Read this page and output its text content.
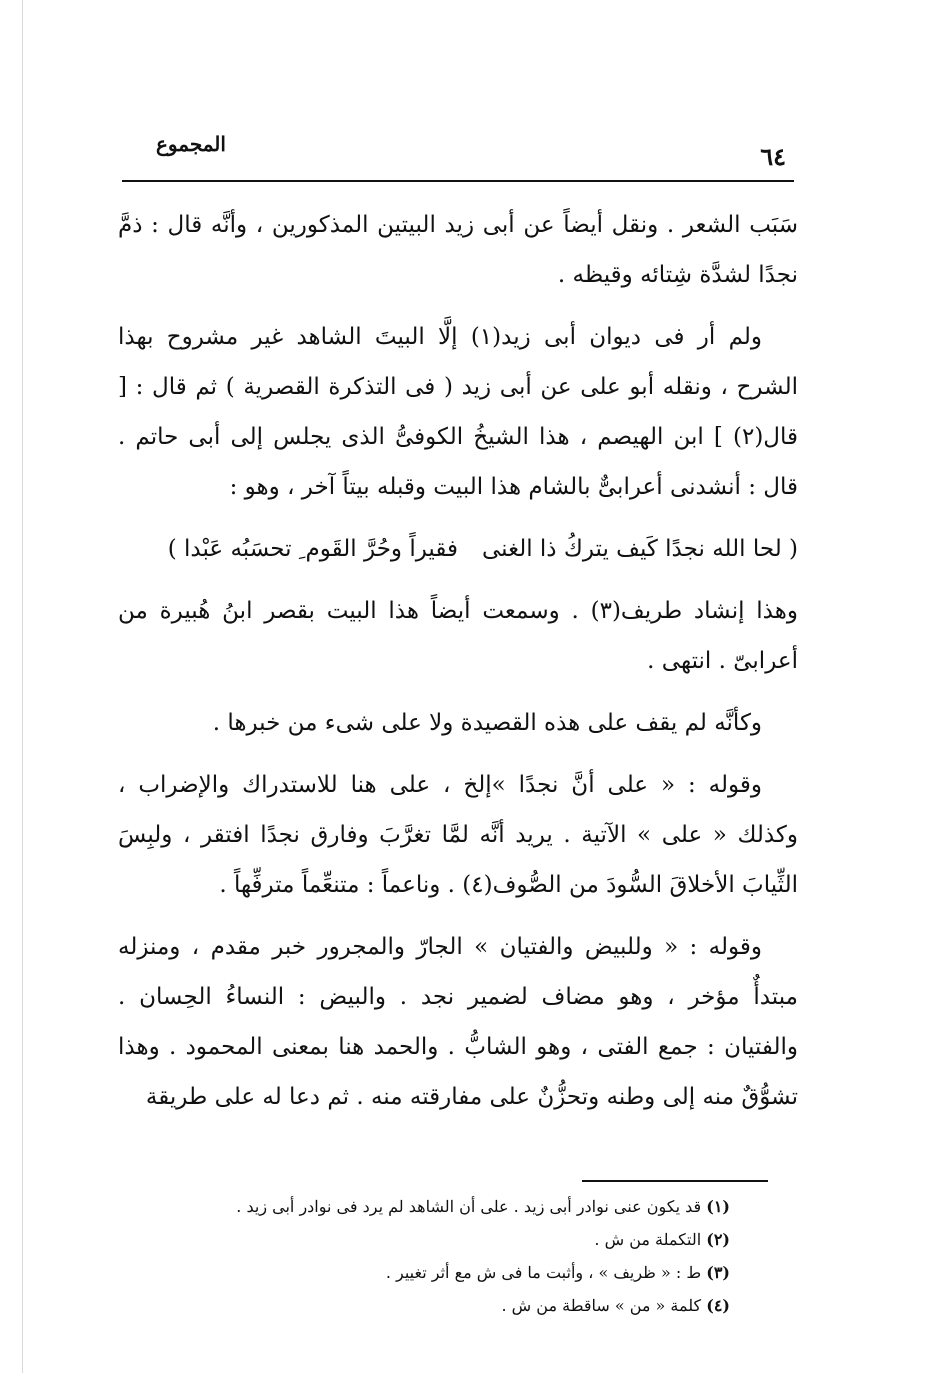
٦٤
المجموع

سَبَب الشعر . ونقل أيضاً عن أبى زيد البيتين المذكورين ، وأنَّه قال : ذمَّ نجدًا لشدَّة شِتائه وقيظه .

ولم أر فى ديوان أبى زيد(١) إلَّا البيتَ الشاهد غير مشروح بهذا الشرح ، ونقله أبو على عن أبى زيد ( فى التذكرة القصرية ) ثم قال : [ قال(٢) ] ابن الهيصم ، هذا الشيخُ الكوفىُّ الذى يجلس إلى أبى حاتم . قال : أنشدنى أعرابىٌّ بالشام هذا البيت وقبله بيتاً آخر ، وهو :

( لحا الله نجدًا كَيف يتركُ ذا الغنىفقيراً وحُرَّ القَوم ِ تحسَبُه عَبْدا )

وهذا إنشاد طريف(٣) . وسمعت أيضاً هذا البيت بقصر ابنُ هُبيرة من أعرابىّ . انتهى .

وكأنَّه لم يقف على هذه القصيدة ولا على شىء من خبرها .

وقوله : « على أنَّ نجدًا »إلخ ، على هنا للاستدراك والإضراب ، وكذلك « على » الآتية . يريد أنَّه لمَّا تغرَّبَ وفارق نجدًا افتقر ، ولبِسَ الثِّيابَ الأخلاقَ السُّودَ من الصُّوف(٤) . وناعماً : متنعِّماً مترفِّهاً .

وقوله : « وللبيض والفتيان » الجارّ والمجرور خبر مقدم ، ومنزله مبتدأٌ مؤخر ، وهو مضاف لضمير نجد . والبيض : النساءُ الحِسان . والفتيان : جمع الفتى ، وهو الشابُّ . والحمد هنا بمعنى المحمود . وهذا تشوُّقٌ منه إلى وطنه وتحزُّنٌ على مفارقته منه . ثم دعا له على طريقة

(١) قد يكون عنى نوادر أبى زيد . على أن الشاهد لم يرد فى نوادر أبى زيد .

(٢) التكملة من ش .

(٣) ط : « ظريف » ، وأثبت ما فى ش مع أثر تغيير .

(٤) كلمة « من » ساقطة من ش .
